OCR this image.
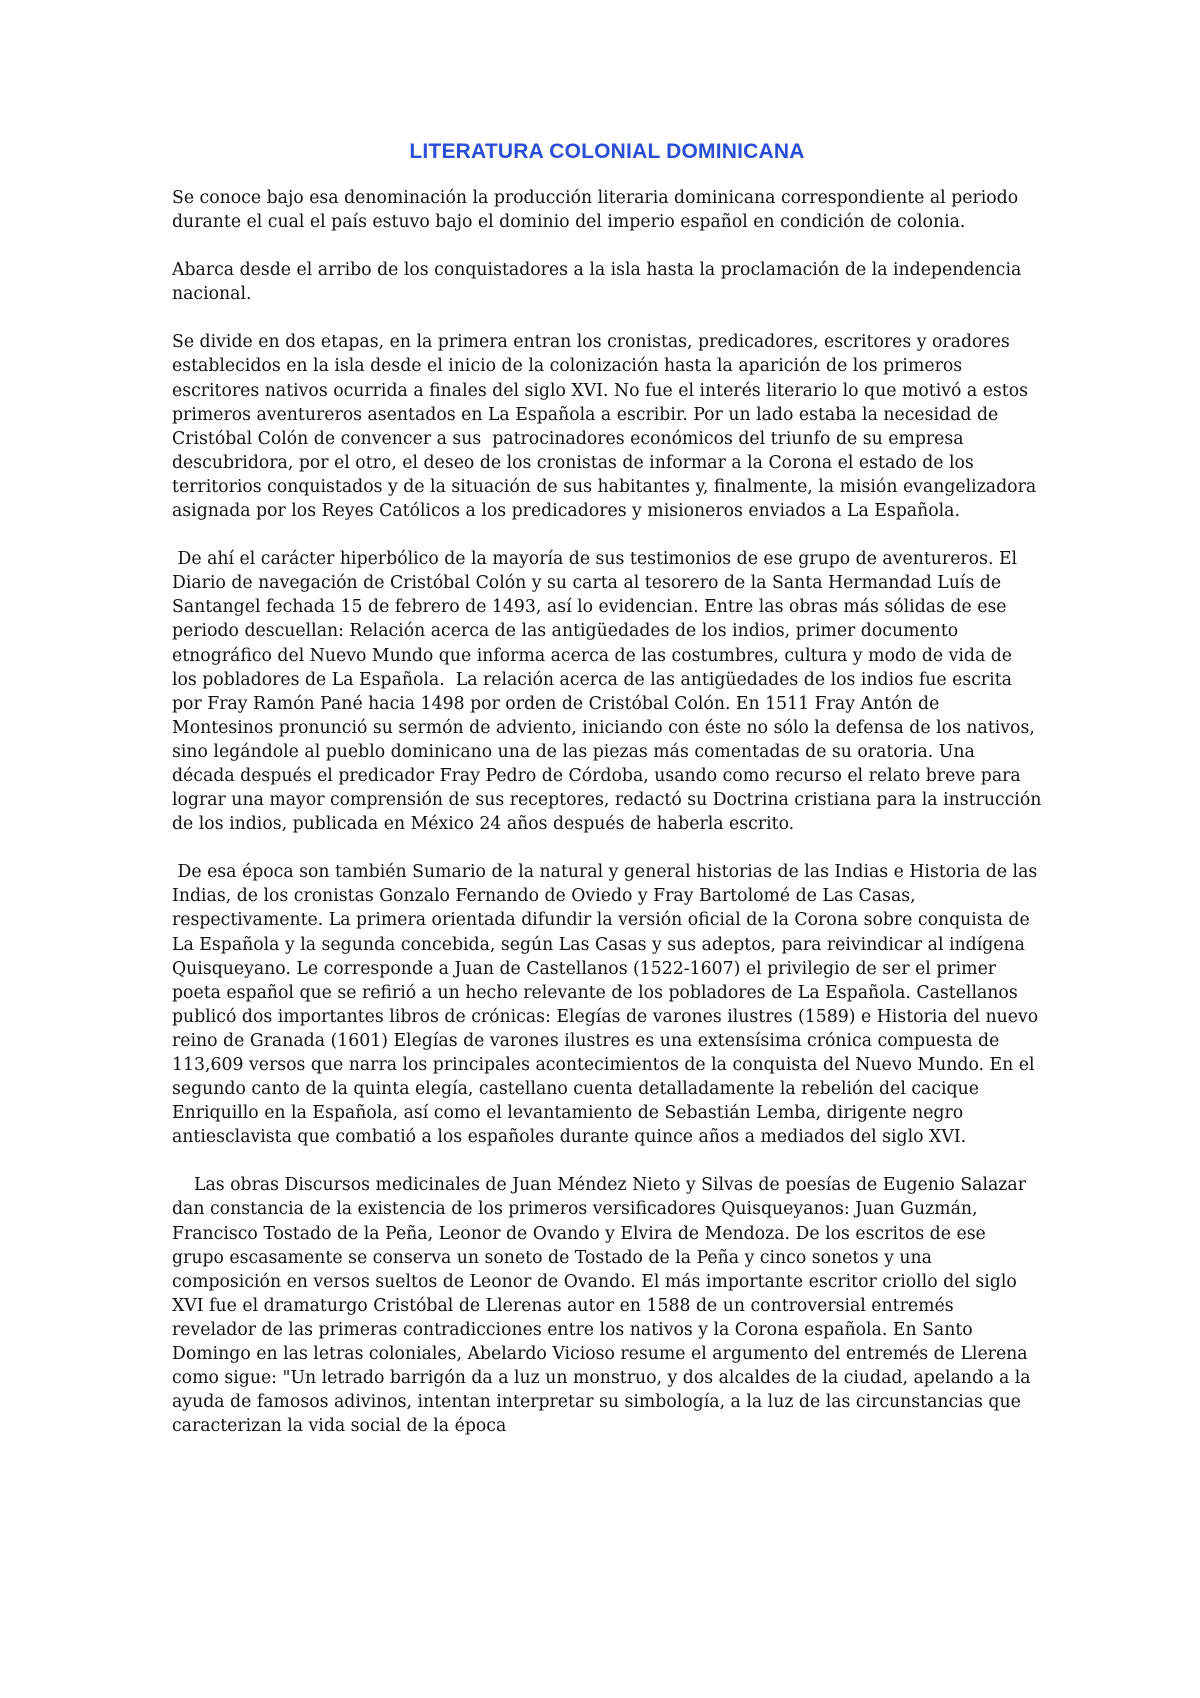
LITERATURA COLONIAL DOMINICANA

Se conoce bajo esa denominación la producción literaria dominicana correspondiente al periodo durante el cual el país estuvo bajo el dominio del imperio español en condición de colonia.

Abarca desde el arribo de los conquistadores a la isla hasta la proclamación de la independencia nacional.

Se divide en dos etapas, en la primera entran los cronistas, predicadores, escritores y oradores establecidos en la isla desde el inicio de la colonización hasta la aparición de los primeros escritores nativos ocurrida a finales del siglo XVI. No fue el interés literario lo que motivó a estos primeros aventureros asentados en La Española a escribir. Por un lado estaba la necesidad de Cristóbal Colón de convencer a sus  patrocinadores económicos del triunfo de su empresa descubridora, por el otro, el deseo de los cronistas de informar a la Corona el estado de los territorios conquistados y de la situación de sus habitantes y, finalmente, la misión evangelizadora asignada por los Reyes Católicos a los predicadores y misioneros enviados a La Española.

De ahí el carácter hiperbólico de la mayoría de sus testimonios de ese grupo de aventureros. El Diario de navegación de Cristóbal Colón y su carta al tesorero de la Santa Hermandad Luís de Santangel fechada 15 de febrero de 1493, así lo evidencian. Entre las obras más sólidas de ese periodo descuellan: Relación acerca de las antigüedades de los indios, primer documento etnográfico del Nuevo Mundo que informa acerca de las costumbres, cultura y modo de vida de los pobladores de La Española.  La relación acerca de las antigüedades de los indios fue escrita por Fray Ramón Pané hacia 1498 por orden de Cristóbal Colón. En 1511 Fray Antón de Montesinos pronunció su sermón de adviento, iniciando con éste no sólo la defensa de los nativos, sino legándole al pueblo dominicano una de las piezas más comentadas de su oratoria. Una década después el predicador Fray Pedro de Córdoba, usando como recurso el relato breve para lograr una mayor comprensión de sus receptores, redactó su Doctrina cristiana para la instrucción de los indios, publicada en México 24 años después de haberla escrito.

De esa época son también Sumario de la natural y general historias de las Indias e Historia de las Indias, de los cronistas Gonzalo Fernando de Oviedo y Fray Bartolomé de Las Casas, respectivamente. La primera orientada difundir la versión oficial de la Corona sobre conquista de La Española y la segunda concebida, según Las Casas y sus adeptos, para reivindicar al indígena Quisqueyano. Le corresponde a Juan de Castellanos (1522-1607) el privilegio de ser el primer poeta español que se refirió a un hecho relevante de los pobladores de La Española. Castellanos publicó dos importantes libros de crónicas: Elegías de varones ilustres (1589) e Historia del nuevo reino de Granada (1601) Elegías de varones ilustres es una extensísima crónica compuesta de 113,609 versos que narra los principales acontecimientos de la conquista del Nuevo Mundo. En el segundo canto de la quinta elegía, castellano cuenta detalladamente la rebelión del cacique Enriquillo en la Española, así como el levantamiento de Sebastián Lemba, dirigente negro antiesclavista que combatió a los españoles durante quince años a mediados del siglo XVI.

Las obras Discursos medicinales de Juan Méndez Nieto y Silvas de poesías de Eugenio Salazar dan constancia de la existencia de los primeros versificadores Quisqueyanos: Juan Guzmán, Francisco Tostado de la Peña, Leonor de Ovando y Elvira de Mendoza. De los escritos de ese grupo escasamente se conserva un soneto de Tostado de la Peña y cinco sonetos y una composición en versos sueltos de Leonor de Ovando. El más importante escritor criollo del siglo XVI fue el dramaturgo Cristóbal de Llerenas autor en 1588 de un controversial entremés revelador de las primeras contradicciones entre los nativos y la Corona española. En Santo Domingo en las letras coloniales, Abelardo Vicioso resume el argumento del entremés de Llerena como sigue: "Un letrado barrigón da a luz un monstruo, y dos alcaldes de la ciudad, apelando a la ayuda de famosos adivinos, intentan interpretar su simbología, a la luz de las circunstancias que caracterizan la vida social de la época
